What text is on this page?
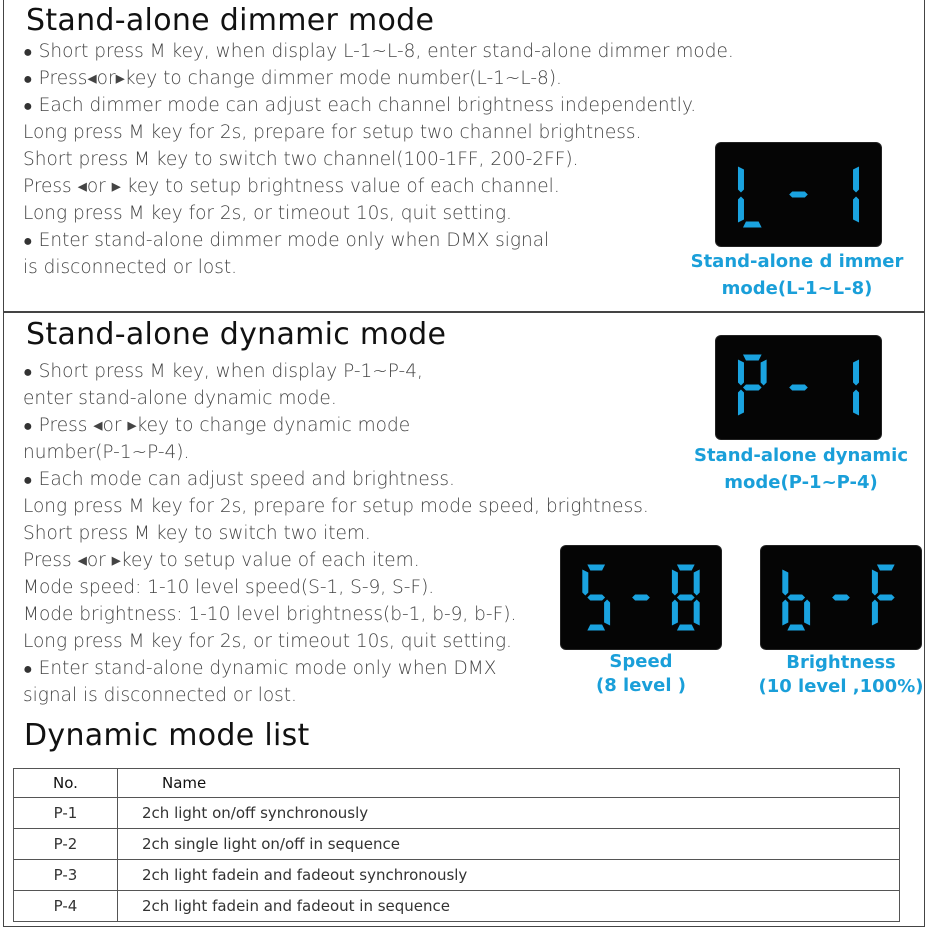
Stand-alone dimmer mode

● Short press M key, when display L-1~L-8, enter stand-alone dimmer mode.

● Press◂or▸key to change dimmer mode number(L-1~L-8).

● Each dimmer mode can adjust each channel brightness independently.

Long press M key for 2s, prepare for setup two channel brightness.

Short press M key to switch two channel(100-1FF, 200-2FF).

Press ◂or ▸ key to setup brightness value of each channel.

Long press M key for 2s, or timeout 10s, quit setting.

● Enter stand-alone dimmer mode only when DMX signal

is disconnected or lost.	Stand-alone d immer
mode(L-1~L-8)
Stand-alone dynamic mode

● Short press M key, when display P-1~P-4,

enter stand-alone dynamic mode.

● Press ◂or ▸key to change dynamic mode

number(P-1~P-4).

● Each mode can adjust speed and brightness.

Long press M key for 2s, prepare for setup mode speed, brightness.

Short press M key to switch two item.

Press ◂or ▸key to setup value of each item.

Mode speed: 1-10 level speed(S-1, S-9, S-F).

Mode brightness: 1-10 level brightness(b-1, b-9, b-F).

Long press M key for 2s, or timeout 10s, quit setting.

● Enter stand-alone dynamic mode only when DMX

signal is disconnected or lost.

Stand-alone dynamic
mode(P-1~P-4)
Speed
(8 level )
Brightness
(10 level ,100%)
Dynamic mode list
No.	Name
P-1	2ch light on/off synchronously
P-2	2ch single light on/off in sequence
P-3	2ch light fadein and fadeout synchronously
P-4	2ch light fadein and fadeout in sequence
